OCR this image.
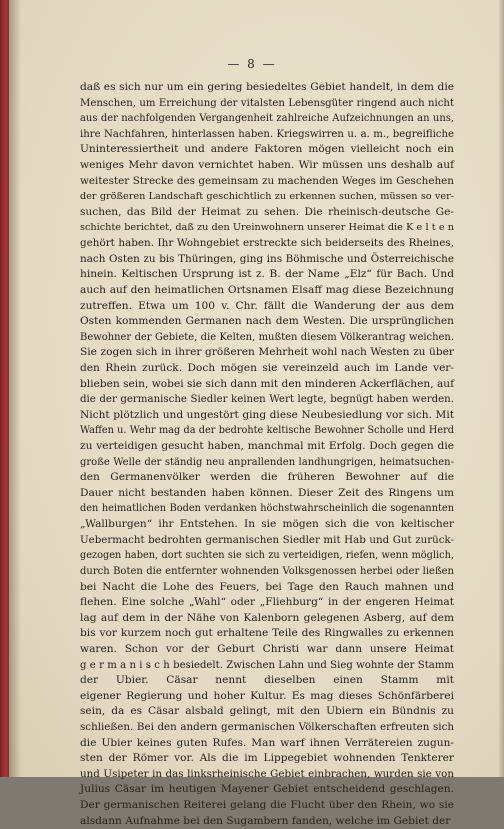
— 8 —
daß es sich nur um ein gering besiedeltes Gebiet handelt, in dem die
Menschen, um Erreichung der vitalsten Lebensgüter ringend auch nicht
aus der nachfolgenden Vergangenheit zahlreiche Aufzeichnungen an uns,
ihre Nachfahren, hinterlassen haben. Kriegswirren u. a. m., begreifliche
Uninteressiertheit und andere Faktoren mögen vielleicht noch ein
weniges Mehr davon vernichtet haben. Wir müssen uns deshalb auf
weitester Strecke des gemeinsam zu machenden Weges im Geschehen
der größeren Landschaft geschichtlich zu erkennen suchen, müssen so ver-
suchen, das Bild der Heimat zu sehen. Die rheinisch-deutsche Ge-
schichte berichtet, daß zu den Ureinwohnern unserer Heimat die K e l t e n
gehört haben. Ihr Wohngebiet erstreckte sich beiderseits des Rheines,
nach Osten zu bis Thüringen, ging ins Böhmische und Österreichische
hinein. Keltischen Ursprung ist z. B. der Name „Elz“ für Bach. Und
auch auf den heimatlichen Ortsnamen Elsaff mag diese Bezeichnung
zutreffen. Etwa um 100 v. Chr. fällt die Wanderung der aus dem
Osten kommenden Germanen nach dem Westen. Die ursprünglichen
Bewohner der Gebiete, die Kelten, mußten diesem Völkerantrag weichen.
Sie zogen sich in ihrer größeren Mehrheit wohl nach Westen zu über
den Rhein zurück. Doch mögen sie vereinzeld auch im Lande ver-
blieben sein, wobei sie sich dann mit den minderen Ackerflächen, auf
die der germanische Siedler keinen Wert legte, begnügt haben werden.
Nicht plötzlich und ungestört ging diese Neubesiedlung vor sich. Mit
Waffen u. Wehr mag da der bedrohte keltische Bewohner Scholle und Herd
zu verteidigen gesucht haben, manchmal mit Erfolg. Doch gegen die
große Welle der ständig neu anprallenden landhungrigen, heimatsuchen-
den Germanenvölker werden die früheren Bewohner auf die
Dauer nicht bestanden haben können. Dieser Zeit des Ringens um
den heimatlichen Boden verdanken höchstwahrscheinlich die sogenannten
„Wallburgen“ ihr Entstehen. In sie mögen sich die von keltischer
Uebermacht bedrohten germanischen Siedler mit Hab und Gut zurück-
gezogen haben, dort suchten sie sich zu verteidigen, riefen, wenn möglich,
durch Boten die entfernter wohnenden Volksgenossen herbei oder ließen
bei Nacht die Lohe des Feuers, bei Tage den Rauch mahnen und
flehen. Eine solche „Wahl“ oder „Fliehburg“ in der engeren Heimat
lag auf dem in der Nähe von Kalenborn gelegenen Asberg, auf dem
bis vor kurzem noch gut erhaltene Teile des Ringwalles zu erkennen
waren. Schon vor der Geburt Christi war dann unsere Heimat
g e r m a n i s c h besiedelt. Zwischen Lahn und Sieg wohnte der Stamm
der Ubier. Cäsar nennt dieselben einen Stamm mit
eigener Regierung und hoher Kultur. Es mag dieses Schönfärberei
sein, da es Cäsar alsbald gelingt, mit den Ubiern ein Bündnis zu
schließen. Bei den andern germanischen Völkerschaften erfreuten sich
die Ubier keines guten Rufes. Man warf ihnen Verrätereien zugun-
sten der Römer vor. Als die im Lippegebiet wohnenden Tenkterer
und Usipeter in das linksrheinische Gebiet einbrachen, wurden sie von
Julius Cäsar im heutigen Mayener Gebiet entscheidend geschlagen.
Der germanischen Reiterei gelang die Flucht über den Rhein, wo sie
alsdann Aufnahme bei den Sugambern fanden, welche im Gebiet der
